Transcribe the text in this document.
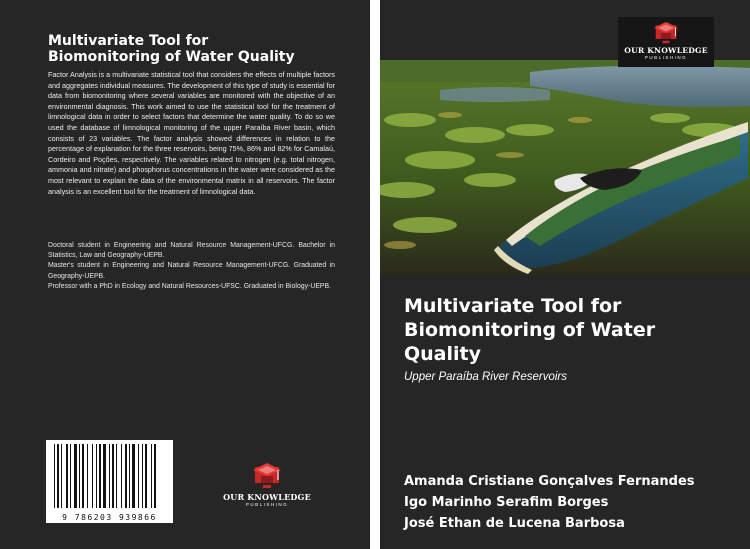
Multivariate Tool for
Biomonitoring of Water Quality

Factor Analysis is a multivariate statistical tool that considers the effects of multiple factors and aggregates individual measures. The development of this type of study is essential for data from biomonitoring where several variables are monitored with the objective of an environmental diagnosis. This work aimed to use the statistical tool for the treatment of limnological data in order to select factors that determine the water quality. To do so we used the database of limnological monitoring of the upper Paraíba River basin, which consists of 23 variables. The factor analysis showed differences in relation to the percentage of explanation for the three reservoirs, being 75%, 86% and 82% for Camalaú, Cordeiro and Poções, respectively. The variables related to nitrogen (e.g. total nitrogen, ammonia and nitrate) and phosphorus concentrations in the water were considered as the most relevant to explain the data of the environmental matrix in all reservoirs. The factor analysis is an excellent tool for the treatment of limnological data.

Doctoral student in Engineering and Natural Resource Management-UFCG. Bachelor in Statistics, Law and Geography-UEPB.

Master's student in Engineering and Natural Resource Management-UFCG. Graduated in Geography-UEPB.

Professor with a PhD in Ecology and Natural Resources-UFSC. Graduated in Biology-UEPB.

9 786203 939866
OUR KNOWLEDGE
PUBLISHING
OUR KNOWLEDGE
PUBLISHING
Multivariate Tool for
Biomonitoring of Water
Quality
Upper Paraíba River Reservoirs
Amanda Cristiane Gonçalves Fernandes
Igo Marinho Serafim Borges
José Ethan de Lucena Barbosa
